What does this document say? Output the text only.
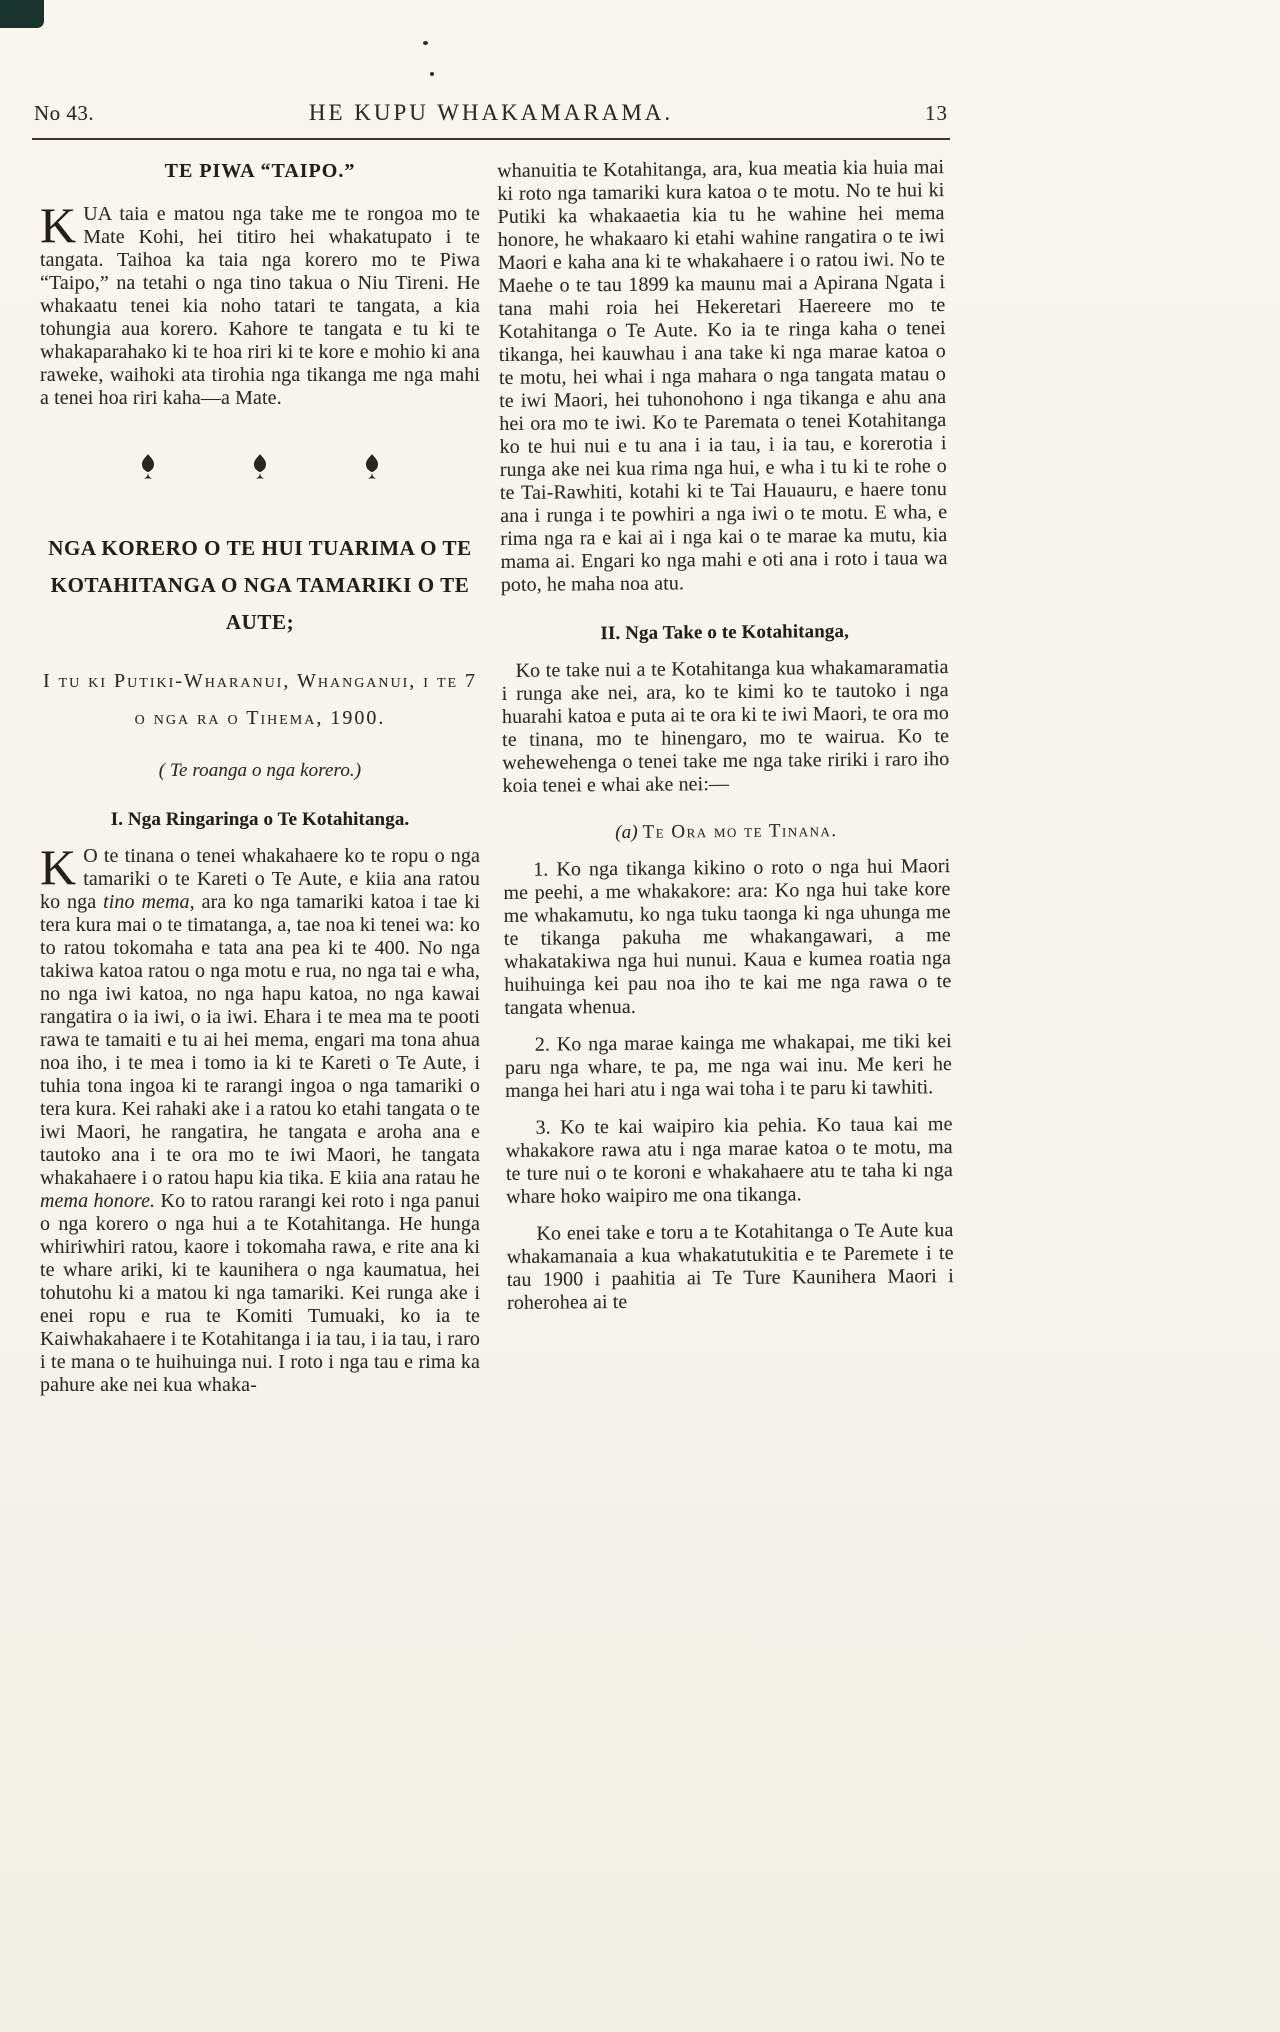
No 43.	HE KUPU WHAKAMARAMA.	13
TE PIWA “TAIPO.”

KUA taia e matou nga take me te rongoa mo te Mate Kohi, hei titiro hei whakatupato i te tangata. Taihoa ka taia nga korero mo te Piwa “Taipo,” na tetahi o nga tino takua o Niu Tireni. He whakaatu tenei kia noho tatari te tangata, a kia tohungia aua korero. Kahore te tangata e tu ki te whakaparahako ki te hoa riri ki te kore e mohio ki ana raweke, waihoki ata tirohia nga tikanga me nga mahi a tenei hoa riri kaha—a Mate.

NGA KORERO O TE HUI TUARIMA O TE KOTAHITANGA O NGA TAMARIKI O TE AUTE;
I tu ki Putiki-Wharanui, Whanganui, i te 7 o nga ra o Tihema, 1900.
( Te roanga o nga korero.)
I. Nga Ringaringa o Te Kotahitanga.

K O te tinana o tenei whakahaere ko te ropu o nga tamariki o te Kareti o Te Aute, e kiia ana ratou ko nga tino mema, ara ko nga tamariki katoa i tae ki tera kura mai o te timatanga, a, tae noa ki tenei wa: ko to ratou tokomaha e tata ana pea ki te 400. No nga takiwa katoa ratou o nga motu e rua, no nga tai e wha, no nga iwi katoa, no nga hapu katoa, no nga kawai rangatira o ia iwi, o ia iwi. Ehara i te mea ma te pooti rawa te tamaiti e tu ai hei mema, engari ma tona ahua noa iho, i te mea i tomo ia ki te Kareti o Te Aute, i tuhia tona ingoa ki te rarangi ingoa o nga tamariki o tera kura. Kei rahaki ake i a ratou ko etahi tangata o te iwi Maori, he rangatira, he tangata e aroha ana e tautoko ana i te ora mo te iwi Maori, he tangata whakahaere i o ratou hapu kia tika. E kiia ana ratau he mema honore. Ko to ratou rarangi kei roto i nga panui o nga korero o nga hui a te Kotahitanga. He hunga whiriwhiri ratou, kaore i tokomaha rawa, e rite ana ki te whare ariki, ki te kaunihera o nga kaumatua, hei tohutohu ki a matou ki nga tamariki. Kei runga ake i enei ropu e rua te Komiti Tumuaki, ko ia te Kaiwhakahaere i te Kotahitanga i ia tau, i ia tau, i raro i te mana o te huihuinga nui. I roto i nga tau e rima ka pahure ake nei kua whaka-

whanuitia te Kotahitanga, ara, kua meatia kia huia mai ki roto nga tamariki kura katoa o te motu. No te hui ki Putiki ka whakaaetia kia tu he wahine hei mema honore, he whakaaro ki etahi wahine rangatira o te iwi Maori e kaha ana ki te whakahaere i o ratou iwi. No te Maehe o te tau 1899 ka maunu mai a Apirana Ngata i tana mahi roia hei Hekeretari Haereere mo te Kotahitanga o Te Aute. Ko ia te ringa kaha o tenei tikanga, hei kauwhau i ana take ki nga marae katoa o te motu, hei whai i nga mahara o nga tangata matau o te iwi Maori, hei tuhonohono i nga tikanga e ahu ana hei ora mo te iwi. Ko te Paremata o tenei Kotahitanga ko te hui nui e tu ana i ia tau, i ia tau, e korerotia i runga ake nei kua rima nga hui, e wha i tu ki te rohe o te Tai-Rawhiti, kotahi ki te Tai Hauauru, e haere tonu ana i runga i te powhiri a nga iwi o te motu. E wha, e rima nga ra e kai ai i nga kai o te marae ka mutu, kia mama ai. Engari ko nga mahi e oti ana i roto i taua wa poto, he maha noa atu.

II. Nga Take o te Kotahitanga,

Ko te take nui a te Kotahitanga kua whakamaramatia i runga ake nei, ara, ko te kimi ko te tautoko i nga huarahi katoa e puta ai te ora ki te iwi Maori, te ora mo te tinana, mo te hinengaro, mo te wairua. Ko te wehewehenga o tenei take me nga take ririki i raro iho koia tenei e whai ake nei:—

(a) Te Ora mo te Tinana.

1. Ko nga tikanga kikino o roto o nga hui Maori me peehi, a me whakakore: ara: Ko nga hui take kore me whakamutu, ko nga tuku taonga ki nga uhunga me te tikanga pakuha me whakangawari, a me whakatakiwa nga hui nunui. Kaua e kumea roatia nga huihuinga kei pau noa iho te kai me nga rawa o te tangata whenua.

2. Ko nga marae kainga me whakapai, me tiki kei paru nga whare, te pa, me nga wai inu. Me keri he manga hei hari atu i nga wai toha i te paru ki tawhiti.

3. Ko te kai waipiro kia pehia. Ko taua kai me whakakore rawa atu i nga marae katoa o te motu, ma te ture nui o te koroni e whakahaere atu te taha ki nga whare hoko waipiro me ona tikanga.

Ko enei take e toru a te Kotahitanga o Te Aute kua whakamanaia a kua whakatutukitia e te Paremete i te tau 1900 i paahitia ai Te Ture Kaunihera Maori i roherohea ai te
